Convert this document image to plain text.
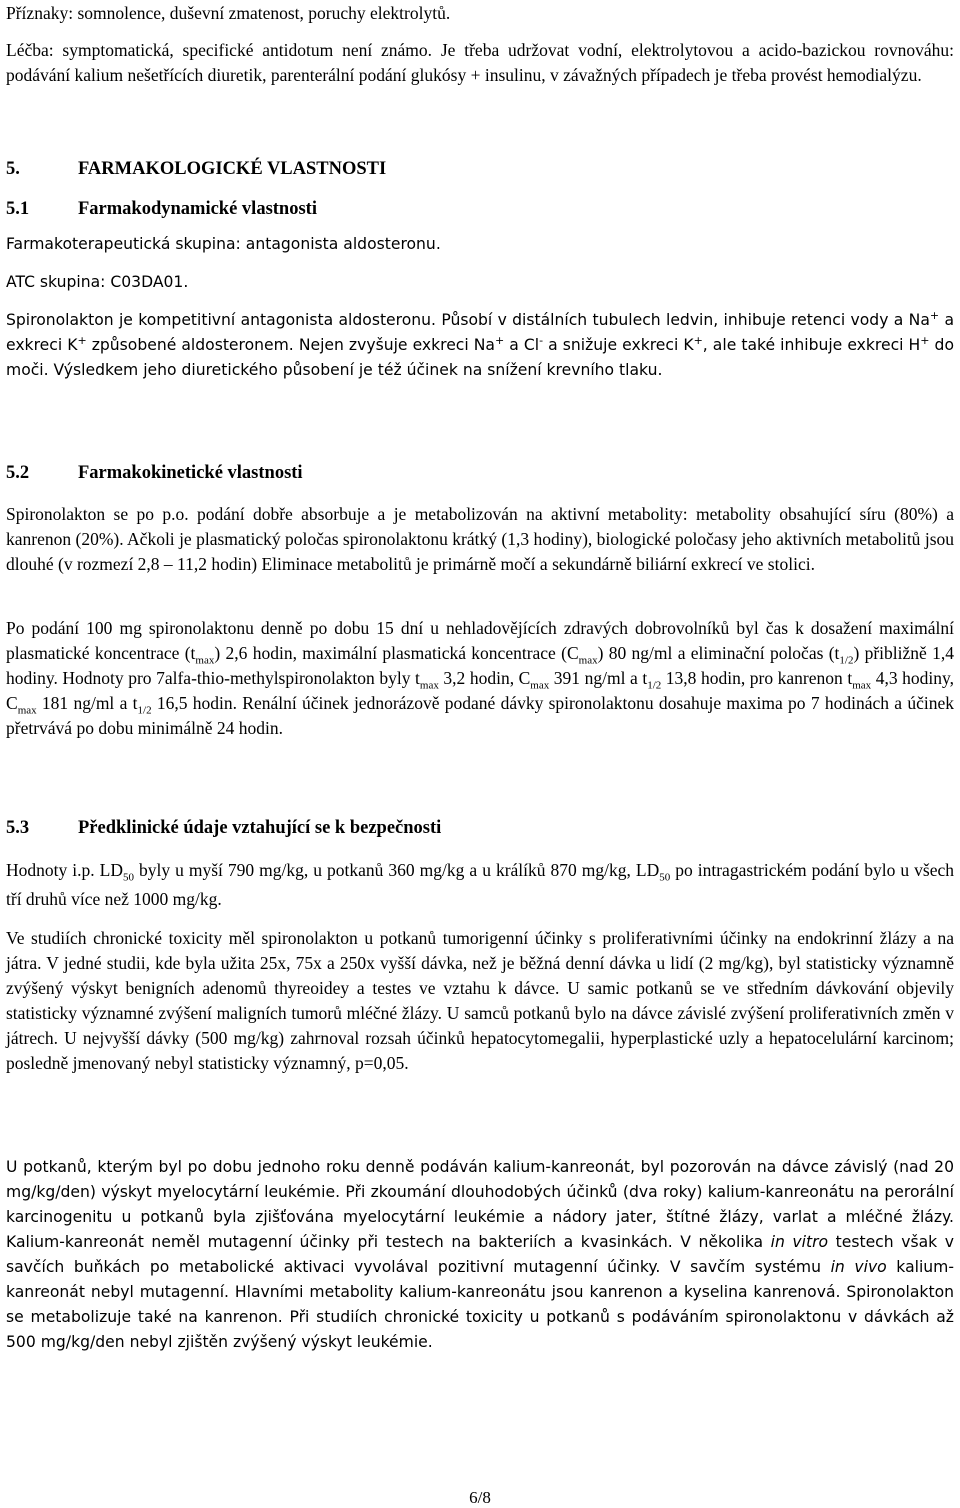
Příznaky: somnolence, duševní zmatenost, poruchy elektrolytů.

Léčba: symptomatická, specifické antidotum není známo. Je třeba udržovat vodní, elektrolytovou a acido-bazickou rovnováhu: podávání kalium nešetřících diuretik, parenterální podání glukósy + insulinu, v závažných případech je třeba provést hemodialýzu.

5.	FARMAKOLOGICKÉ VLASTNOSTI
5.1	Farmakodynamické vlastnosti

Farmakoterapeutická skupina: antagonista aldosteronu.

ATC skupina: C03DA01.

Spironolakton je kompetitivní antagonista aldosteronu. Působí v distálních tubulech ledvin, inhibuje retenci vody a Na+ a exkreci K+ způsobené aldosteronem. Nejen zvyšuje exkreci Na+ a Cl- a snižuje exkreci K+, ale také inhibuje exkreci H+ do moči. Výsledkem jeho diuretického působení je též účinek na snížení krevního tlaku.

5.2	Farmakokinetické vlastnosti

Spironolakton se po p.o. podání dobře absorbuje a je metabolizován na aktivní metabolity: metabolity obsahující síru (80%) a kanrenon (20%). Ačkoli je plasmatický poločas spironolaktonu krátký (1,3 hodiny), biologické poločasy jeho aktivních metabolitů jsou dlouhé (v rozmezí 2,8 – 11,2 hodin) Eliminace metabolitů je primárně močí a sekundárně biliární exkrecí ve stolici.

Po podání 100 mg spironolaktonu denně po dobu 15 dní u nehladovějících zdravých dobrovolníků byl čas k dosažení maximální plasmatické koncentrace $(t_{max})$ 2,6 hodin, maximální plasmatická koncentrace $(C_{max})$ 80 ng/ml a eliminační poločas $(t_{1/2})$ přibližně 1,4 hodiny. Hodnoty pro 7alfa-thio-methylspironolakton byly $t_{max}$ 3,2 hodin, $C_{max}$ 391 ng/ml a $t_{1/2}$ 13,8 hodin, pro kanrenon $t_{max}$ 4,3 hodiny, $C_{max}$ 181 ng/ml a $t_{1/2}$ 16,5 hodin. Renální účinek jednorázově podané dávky spironolaktonu dosahuje maxima po 7 hodinách a účinek přetrvává po dobu minimálně 24 hodin.

5.3	Předklinické údaje vztahující se k bezpečnosti

Hodnoty i.p. $LD_{50}$ byly u myší 790 mg/kg, u potkanů 360 mg/kg a u králíků 870 mg/kg, $LD_{50}$ po intragastrickém podání bylo u všech tří druhů více než 1000 mg/kg.

Ve studiích chronické toxicity měl spironolakton u potkanů tumorigenní účinky s proliferativními účinky na endokrinní žlázy a na játra. V jedné studii, kde byla užita 25x, 75x a 250x vyšší dávka, než je běžná denní dávka u lidí (2 mg/kg), byl statisticky významně zvýšený výskyt benigních adenomů thyreoidey a testes ve vztahu k dávce. U samic potkanů se ve středním dávkování objevily statisticky významné zvýšení maligních tumorů mléčné žlázy. U samců potkanů bylo na dávce závislé zvýšení proliferativních změn v játrech. U nejvyšší dávky (500 mg/kg) zahrnoval rozsah účinků hepatocytomegalii, hyperplastické uzly a hepatocelulární karcinom; posledně jmenovaný nebyl statisticky významný, p=0,05.

U potkanů, kterým byl po dobu jednoho roku denně podáván kalium-kanreonát, byl pozorován na dávce závislý (nad 20 mg/kg/den) výskyt myelocytární leukémie. Při zkoumání dlouhodobých účinků (dva roky) kalium-kanreonátu na perorální karcinogenitu u potkanů byla zjišťována myelocytární leukémie a nádory jater, štítné žlázy, varlat a mléčné žlázy. Kalium-kanreonát neměl mutagenní účinky při testech na bakteriích a kvasinkách. V několika in vitro testech však v savčích buňkách po metabolické aktivaci vyvolával pozitivní mutagenní účinky. V savčím systému in vivo kalium-kanreonát nebyl mutagenní. Hlavními metabolity kalium-kanreonátu jsou kanrenon a kyselina kanrenová. Spironolakton se metabolizuje také na kanrenon. Při studiích chronické toxicity u potkanů s podáváním spironolaktonu v dávkách až 500 mg/kg/den nebyl zjištěn zvýšený výskyt leukémie.

6/8
